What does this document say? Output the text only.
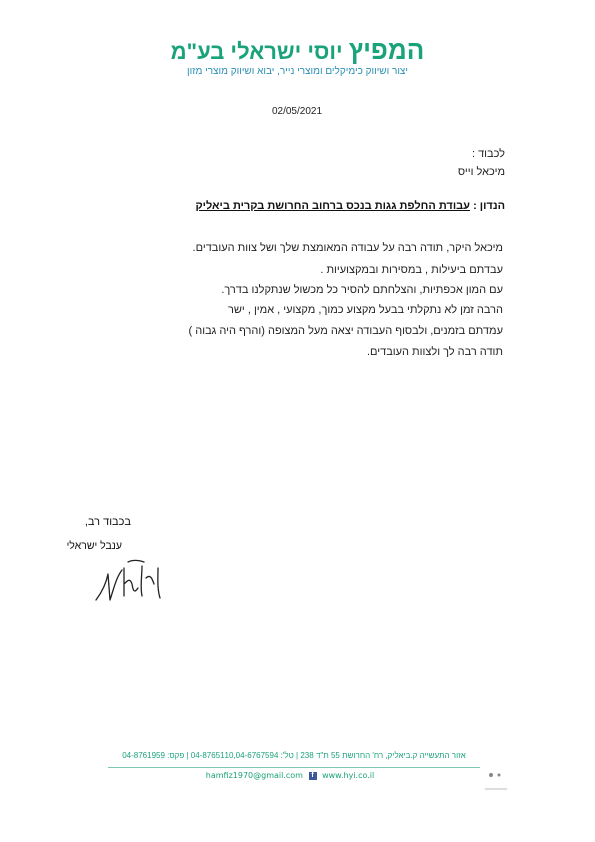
המפיץ יוסי ישראלי בע"מ
יצור ושיווק כימיקלים ומוצרי נייר, יבוא ושיווק מוצרי מזון
02/05/2021
לכבוד :
מיכאל וייס
הנדון : עבודת החלפת גגות בנכס ברחוב החרושת בקרית ביאליק
מיכאל היקר, תודה רבה על עבודה המאומצת שלך ושל צוות העובדים.
עבדתם ביעילות , במסירות ובמקצועיות .
עם המון אכפתיות, והצלחתם להסיר כל מכשול שנתקלנו בדרך.
הרבה זמן לא נתקלתי בבעל מקצוע כמוך, מקצועי , אמין , ישר
עמדתם בזמנים, ולבסוף העבודה יצאה מעל המצופה (והרף היה גבוה )
תודה רבה לך ולצוות העובדים.
בכבוד רב,
ענבל ישראלי
אזור התעשייה ק.ביאליק, רח' החרושת 55 ת"ד 238 | טל': 04-8765110,04-6767594 | פקס: 04-8761959
hamfiz1970@gmail.com f www.hyi.co.il
